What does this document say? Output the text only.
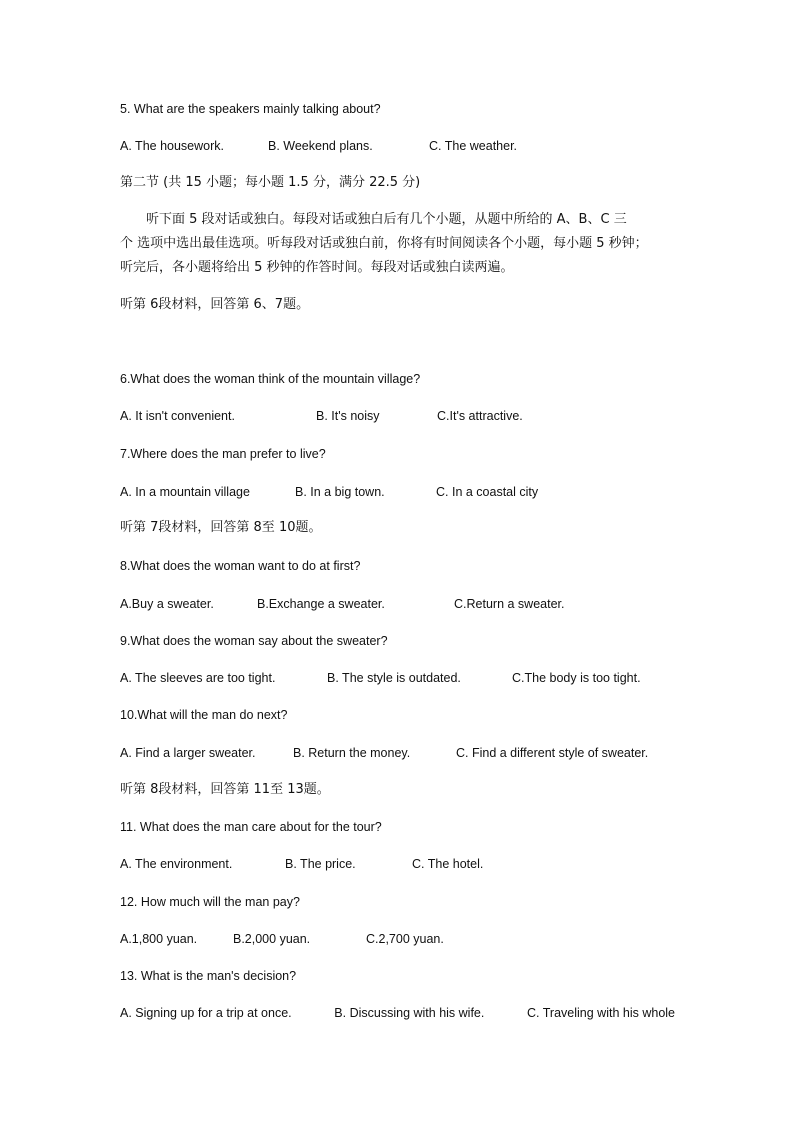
5. What are the speakers mainly talking about?
A. The housework.	B. Weekend plans.	C. The weather.
第二节 (共 15 小题；每小题 1.5 分，满分 22.5 分)
听下面 5 段对话或独白。每段对话或独白后有几个小题，从题中所给的 A、B、C 三
个 选项中选出最佳选项。听每段对话或独白前，你将有时间阅读各个小题，每小题 5 秒钟；
听完后，各小题将给出 5 秒钟的作答时间。每段对话或独白读两遍。
听第 6段材料，回答第 6、7题。
6.What does the woman think of the mountain village?
A. It isn't convenient.	B. It's noisy	C.It's attractive.
7.Where does the man prefer to live?
A. In a mountain village	B. In a big town.	C. In a coastal city
听第 7段材料，回答第 8至 10题。
8.What does the woman want to do at first?
A.Buy a sweater.	B.Exchange a sweater.	C.Return a sweater.
9.What does the woman say about the sweater?
A. The sleeves are too tight.	B. The style is outdated.	C.The body is too tight.
10.What will the man do next?
A. Find a larger sweater.	B. Return the money.	C. Find a different style of sweater.
听第 8段材料，回答第 11至 13题。
11. What does the man care about for the tour?
A. The environment.	B. The price.	C. The hotel.
12. How much will the man pay?
A.1,800 yuan.	B.2,000 yuan.	C.2,700 yuan.
13. What is the man's decision?
A. Signing up for a trip at once.	B. Discussing with his wife.	C. Traveling with his whole
